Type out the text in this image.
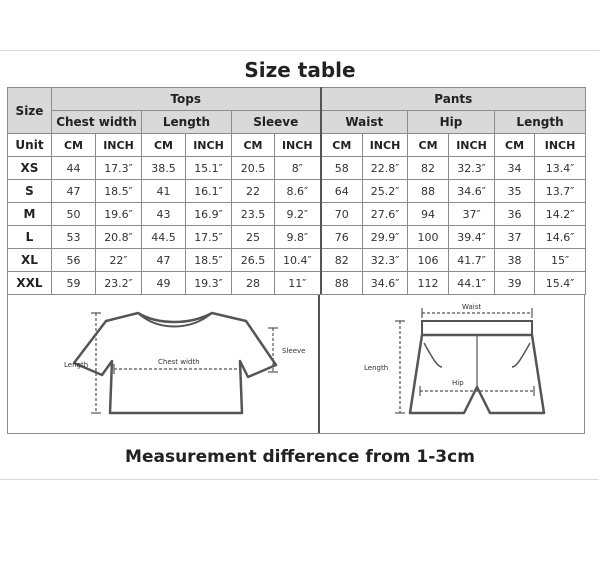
Size table
Size	Tops						Pants					
	Chest width		Length		Sleeve		Waist		Hip		Length	
Unit	CM	INCH	CM	INCH	CM	INCH	CM	INCH	CM	INCH	CM	INCH
XS	44	17.3″	38.5	15.1″	20.5	8″	58	22.8″	82	32.3″	34	13.4″
S	47	18.5″	41	16.1″	22	8.6″	64	25.2″	88	34.6″	35	13.7″
M	50	19.6″	43	16.9″	23.5	9.2″	70	27.6″	94	37″	36	14.2″
L	53	20.8″	44.5	17.5″	25	9.8″	76	29.9″	100	39.4″	37	14.6″
XL	56	22″	47	18.5″	26.5	10.4″	82	32.3″	106	41.7″	38	15″
XXL	59	23.2″	49	19.3″	28	11″	88	34.6″	112	44.1″	39	15.4″
Length	Chest width
Sleeve
Waist
Length
Hip
Measurement difference from 1-3cm
